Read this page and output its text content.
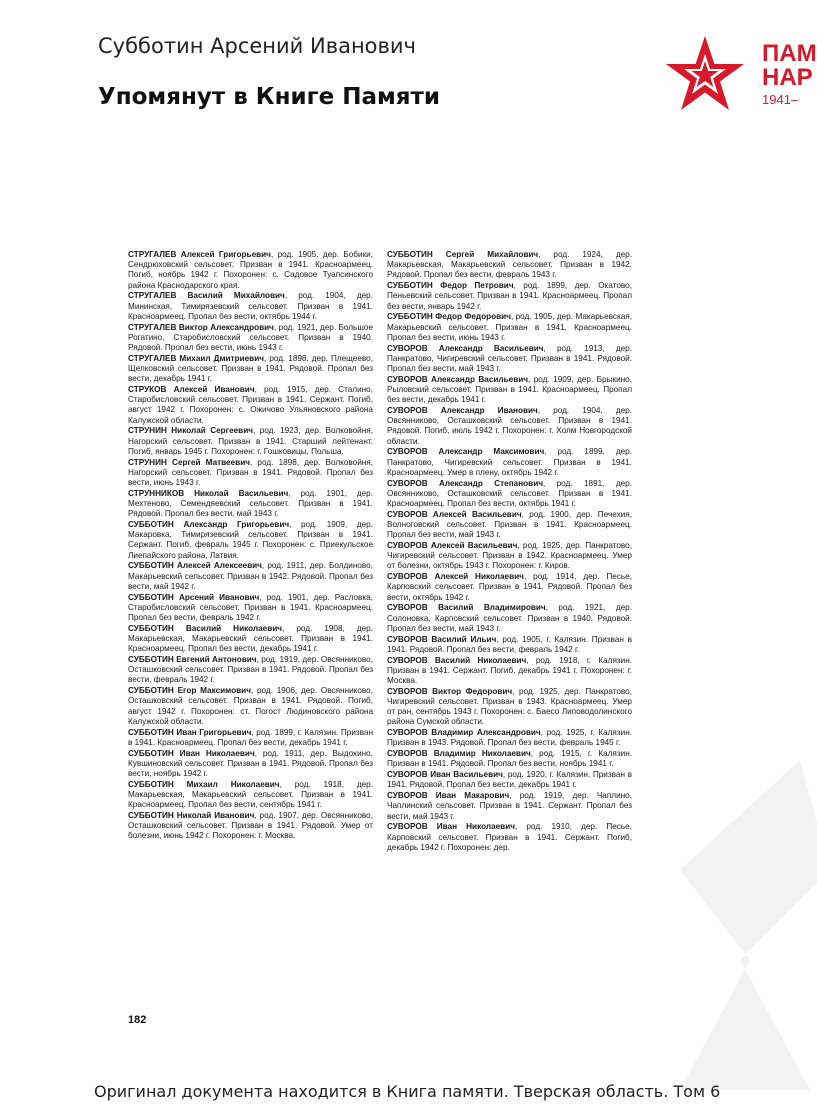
Субботин Арсений Иванович
Упомянут в Книге Памяти
ПАМ
НАР
1941–
СТРУГАЛЕВ Алексей Григорьевич, род. 1905, дер. Бобики, Сендрюховский сельсовет. Призван в 1941. Красноармеец. Погиб, ноябрь 1942 г. Похоронен: с. Садовое Туапсинского района Краснодарского края.
СТРУГАЛЕВ Василий Михайлович, род. 1904, дер. Мининская, Тимирязевский сельсовет. Призван в 1941. Красноармеец. Пропал без вести, октябрь 1944 г.
СТРУГАЛЕВ Виктор Александрович, род. 1921, дер. Большое Рогатино, Старобисловский сельсовет. Призван в 1940. Рядовой. Пропал без вести, июнь 1943 г.
СТРУГАЛЕВ Михаил Дмитриевич, род. 1898, дер. Плещеево, Щелковский сельсовет. Призван в 1941. Рядовой. Пропал без вести, декабрь 1941 г.
СТРУКОВ Алексей Иванович, род. 1915, дер. Сталино, Старобисловский сельсовет. Призван в 1941. Сержант. Погиб, август 1942 г. Похоронен: с. Ожичово Ульяновского района Калужской области.
СТРУНИН Николай Сергеевич, род. 1923, дер. Волковойня, Нагорский сельсовет. Призван в 1941. Старший лейтенант. Погиб, январь 1945 г. Похоронен: г. Гошковицы, Польша.
СТРУНИН Сергей Матвеевич, род. 1898, дер. Волковойня, Нагорский сельсовет. Призван в 1941. Рядовой. Пропал без вести, июнь 1943 г.
СТРУННИКОВ Николай Васильевич, род. 1901, дер. Мехтеново, Семендяевский сельсовет. Призван в 1941. Рядовой. Пропал без вести, май 1943 г.
СУББОТИН Александр Григорьевич, род. 1909, дер. Макаровка, Тимирязевский сельсовет. Призван в 1941. Сержант. Погиб, февраль 1945 г. Похоронен: с. Приекульское Лиепайского района, Латвия.
СУББОТИН Алексей Алексеевич, род. 1911, дер. Болдиново, Макарьевский сельсовет. Призван в 1942. Рядовой. Пропал без вести, май 1942 г.
СУББОТИН Арсений Иванович, род. 1901, дер. Расловка, Старобисловский сельсовет. Призван в 1941. Красноармеец. Пропал без вести, февраль 1942 г.
СУББОТИН Василий Николаевич, род. 1908, дер. Макарьевская, Макарьевский сельсовет. Призван в 1941. Красноармеец. Пропал без вести, декабрь 1941 г.
СУББОТИН Евгений Антонович, род. 1919, дер. Овсянниково, Осташковский сельсовет. Призван в 1941. Рядовой. Пропал без вести, февраль 1942 г.
СУББОТИН Егор Максимович, род. 1906, дер. Овсянниково, Осташковский сельсовет. Призван в 1941. Рядовой. Погиб, август 1942 г. Похоронен: ст. Погост Людиновского района Калужской области.
СУББОТИН Иван Григорьевич, род. 1899, г. Калязин. Призван в 1941. Красноармеец. Пропал без вести, декабрь 1941 г.
СУББОТИН Иван Николаевич, род. 1911, дер. Выдохино, Кувшиновский сельсовет. Призван в 1941. Рядовой. Пропал без вести, ноябрь 1942 г.
СУББОТИН Михаил Николаевич, род. 1918, дер. Макарьевская, Макарьевский сельсовет. Призван в 1941. Красноармеец. Пропал без вести, сентябрь 1941 г.
СУББОТИН Николай Иванович, род. 1907, дер. Овсянниково, Осташковский сельсовет. Призван в 1941. Рядовой. Умер от болезни, июнь 1942 г. Похоронен: г. Москва.
СУББОТИН Сергей Михайлович, род. 1924, дер. Макарьевская, Макарьевский сельсовет. Призван в 1942. Рядовой. Пропал без вести, февраль 1943 г.
СУББОТИН Федор Петрович, род. 1899, дер. Окатово, Пеньевский сельсовет. Призван в 1941. Красноармеец. Пропал без вести, январь 1942 г.
СУББОТИН Федор Федорович, род. 1905, дер. Макарьевская, Макарьевский сельсовет. Призван в 1941. Красноармеец. Пропал без вести, июнь 1943 г.
СУВОРОВ Александр Васильевич, род. 1913, дер. Панкратово, Чигиревский сельсовет. Призван в 1941. Рядовой. Пропал без вести, май 1943 г.
СУВОРОВ Александр Васильевич, род. 1909, дер. Брыкино, Рыловский сельсовет. Призван в 1941. Красноармеец. Пропал без вести, декабрь 1941 г.
СУВОРОВ Александр Иванович, род. 1904, дер. Овсянниково, Осташковский сельсовет. Призван в 1941. Рядовой. Погиб, июль 1942 г. Похоронен: г. Холм Новгородской области.
СУВОРОВ Александр Максимович, род. 1899, дер. Панкратово, Чигиревский сельсовет. Призван в 1941. Красноармеец. Умер в плену, октябрь 1942 г.
СУВОРОВ Александр Степанович, род. 1891, дер. Овсянниково, Осташковский сельсовет. Призван в 1941. Красноармеец. Пропал без вести, октябрь 1941 г.
СУВОРОВ Алексей Васильевич, род. 1900, дер. Печехия, Волноговский сельсовет. Призван в 1941. Красноармеец. Пропал без вести, май 1943 г.
СУВОРОВ Алексей Васильевич, род. 1925, дер. Панкратово, Чигиревский сельсовет. Призван в 1942. Красноармеец. Умер от болезни, октябрь 1943 г. Похоронен: г. Киров.
СУВОРОВ Алексей Николаевич, род. 1914, дер. Песье, Карповский сельсовет. Призван в 1941. Рядовой. Пропал без вести, октябрь 1942 г.
СУВОРОВ Василий Владимирович, род. 1921, дер. Солоновка, Карповский сельсовет. Призван в 1940. Рядовой. Пропал без вести, май 1943 г.
СУВОРОВ Василий Ильич, род. 1905, г. Калязин. Призван в 1941. Рядовой. Пропал без вести, февраль 1942 г.
СУВОРОВ Василий Николаевич, род. 1918, г. Калязин. Призван в 1941. Сержант. Погиб, декабрь 1941 г. Похоронен: г. Москва.
СУВОРОВ Виктор Федорович, род. 1925, дер. Панкратово, Чигиревский сельсовет. Призван в 1943. Красноармеец. Умер от ран, сентябрь 1943 г. Похоронен: с. Баесо Липоводолинского района Сумской области.
СУВОРОВ Владимир Александрович, род. 1925, г. Калязин. Призван в 1943. Рядовой. Пропал без вести, февраль 1945 г.
СУВОРОВ Владимир Николаевич, род. 1915, г. Калязин. Призван в 1941. Рядовой. Пропал без вести, ноябрь 1941 г.
СУВОРОВ Иван Васильевич, род. 1920, г. Калязин. Призван в 1941. Рядовой. Пропал без вести, декабрь 1941 г.
СУВОРОВ Иван Макарович, род. 1919, дер. Чаплино, Чаплинский сельсовет. Призван в 1941. Сержант. Пропал без вести, май 1943 г.
СУВОРОВ Иван Николаевич, род. 1910, дер. Песье, Карповский сельсовет. Призван в 1941. Сержант. Погиб, декабрь 1942 г. Похоронен: дер.
182
Оригинал документа находится в Книга памяти. Тверская область. Том 6
